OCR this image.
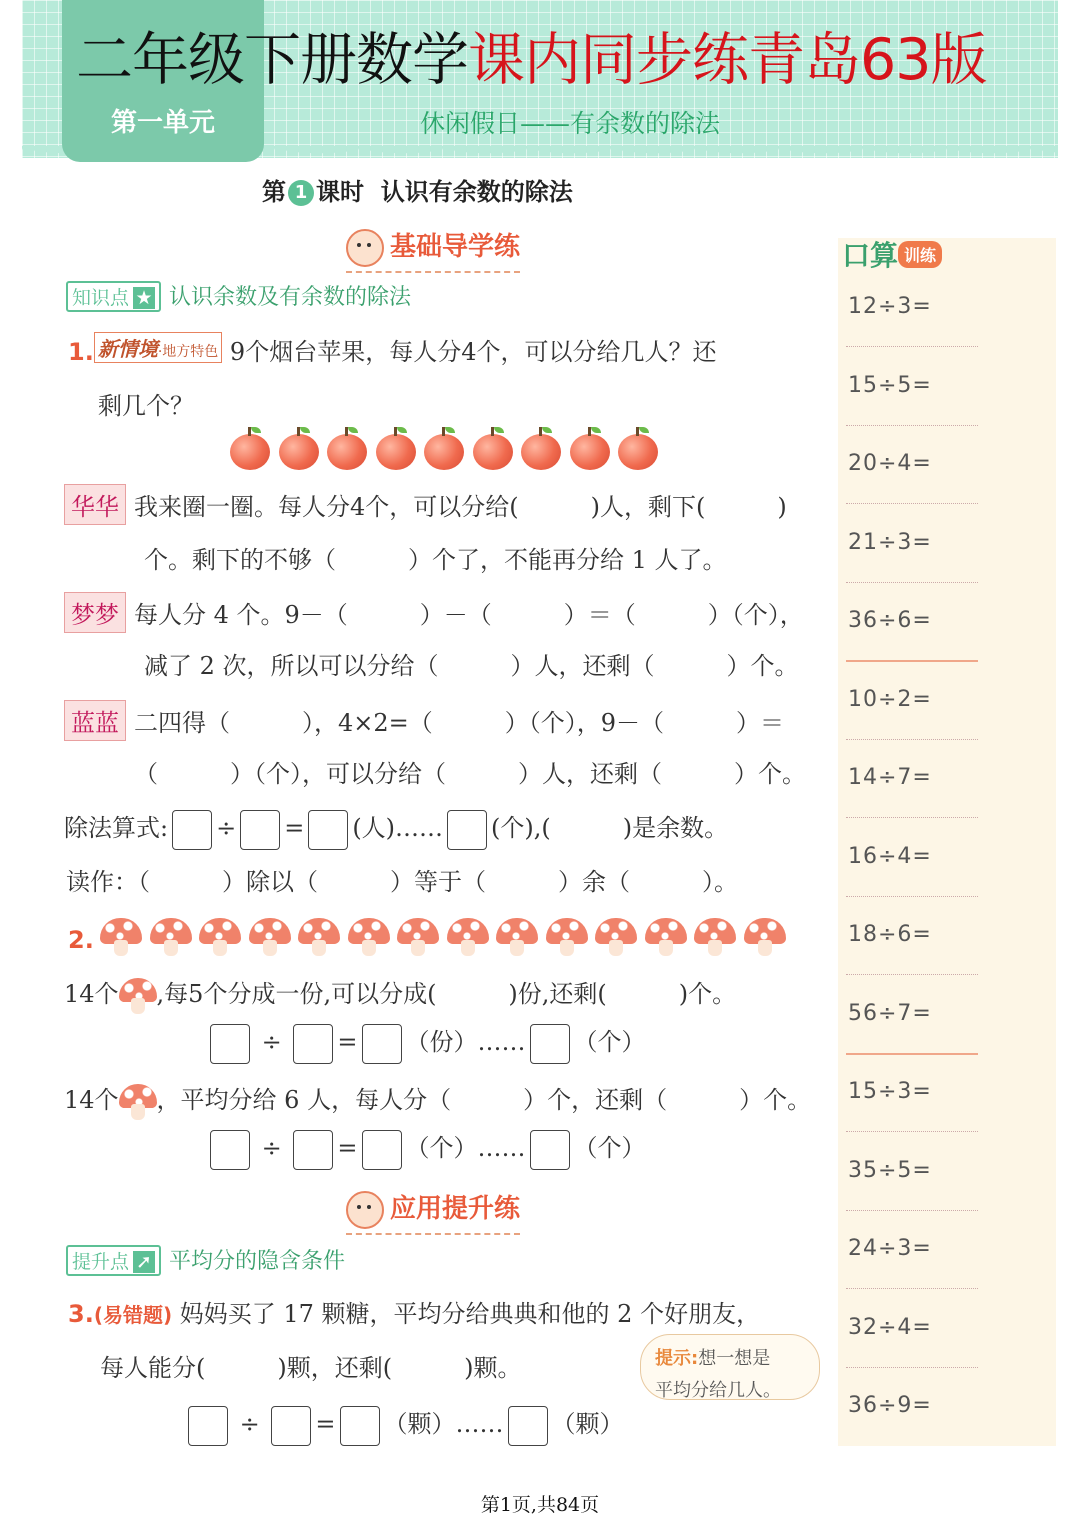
第一单元
二年级下册数学课内同步练青岛63版
休闲假日——有余数的除法
第 1 课时 认识有余数的除法
基础导学练
知识点 ★ 认识余数及有余数的除法
1. 新情境·地方特色 9个烟台苹果，每人分4个，可以分给几人？还
剩几个？
华华 我来圈一圈。每人分4个，可以分给(　　　)人，剩下(　　　)
个。剩下的不够（　　　）个了，不能再分给 1 人了。
梦梦 每人分 4 个。9－（　　　）－（　　　）＝（　　　）（个），
减了 2 次，所以可以分给（　　　）人，还剩（　　　）个。
蓝蓝 二四得（　　　），4×2=（　　　）（个），9－（　　　）＝
（　　　）（个），可以分给（　　　）人，还剩（　　　）个。
除法算式: ÷ = (人)…… (个),(　　　)是余数。
读作：（　　　）除以（　　　）等于（　　　）余（　　　）。
2.
14个 ,每5个分成一份,可以分成(　　　)份,还剩(　　　)个。
÷ = （份）…… （个）
14个 ，平均分给 6 人，每人分（　　　）个，还剩（　　　）个。
÷ = （个）…… （个）
应用提升练
提升点 ➚ 平均分的隐含条件
3.(易错题) 妈妈买了 17 颗糖，平均分给典典和他的 2 个好朋友，
每人能分(　　　)颗，还剩(　　　)颗。
÷ = （颗）…… （颗）
提示:想一想是
平均分给几人。
口算 训练
12÷3=
15÷5=
20÷4=
21÷3=
36÷6=
10÷2=
14÷7=
16÷4=
18÷6=
56÷7=
15÷3=
35÷5=
24÷3=
32÷4=
36÷9=
第1页,共84页
